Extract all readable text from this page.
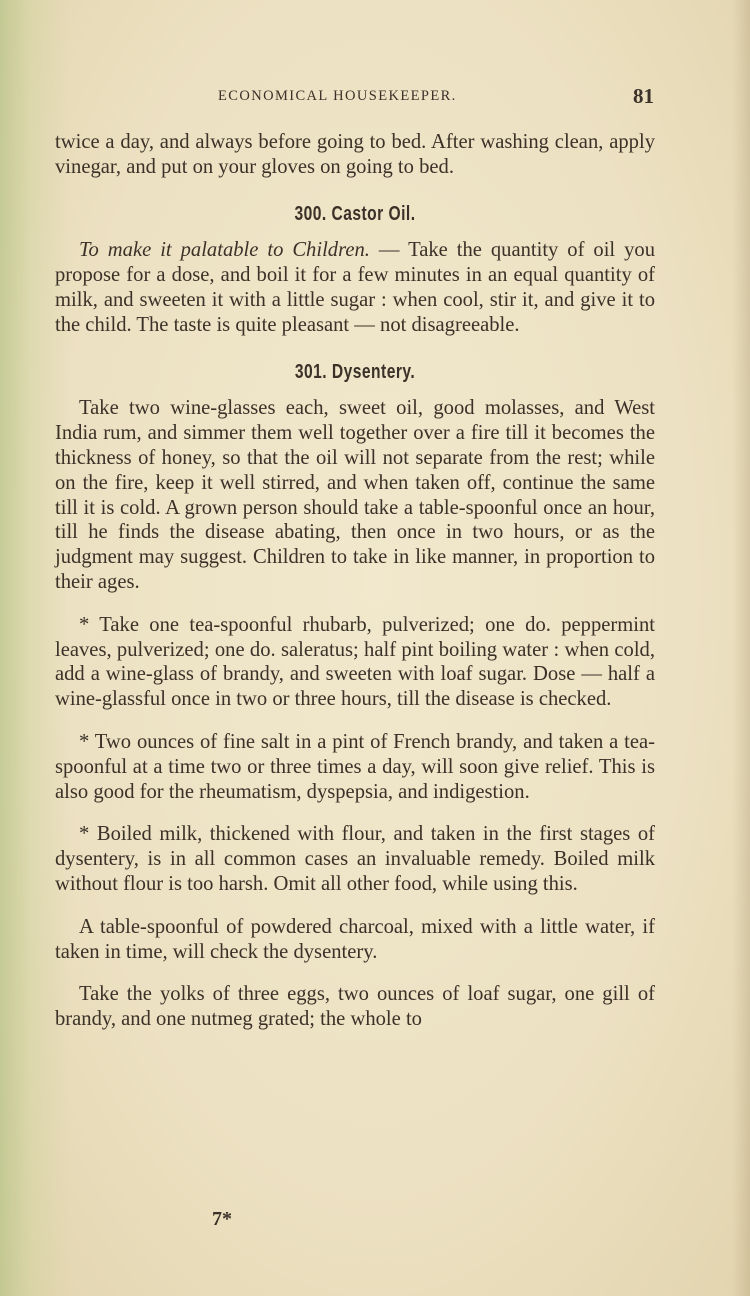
ECONOMICAL HOUSEKEEPER.	81

twice a day, and always before going to bed. After washing clean, apply vinegar, and put on your gloves on going to bed.

300. Castor Oil.

To make it palatable to Children. — Take the quantity of oil you propose for a dose, and boil it for a few minutes in an equal quantity of milk, and sweeten it with a little sugar : when cool, stir it, and give it to the child. The taste is quite pleasant — not disagreeable.

301. Dysentery.

Take two wine-glasses each, sweet oil, good molasses, and West India rum, and simmer them well together over a fire till it becomes the thickness of honey, so that the oil will not separate from the rest; while on the fire, keep it well stirred, and when taken off, continue the same till it is cold. A grown person should take a table-spoonful once an hour, till he finds the disease abating, then once in two hours, or as the judgment may suggest. Children to take in like manner, in proportion to their ages.

* Take one tea-spoonful rhubarb, pulverized; one do. peppermint leaves, pulverized; one do. saleratus; half pint boiling water : when cold, add a wine-glass of brandy, and sweeten with loaf sugar. Dose — half a wine-glassful once in two or three hours, till the disease is checked.

* Two ounces of fine salt in a pint of French brandy, and taken a tea-spoonful at a time two or three times a day, will soon give relief. This is also good for the rheumatism, dyspepsia, and indigestion.

* Boiled milk, thickened with flour, and taken in the first stages of dysentery, is in all common cases an invaluable remedy. Boiled milk without flour is too harsh. Omit all other food, while using this.

A table-spoonful of powdered charcoal, mixed with a little water, if taken in time, will check the dysentery.

Take the yolks of three eggs, two ounces of loaf sugar, one gill of brandy, and one nutmeg grated; the whole to

7*
